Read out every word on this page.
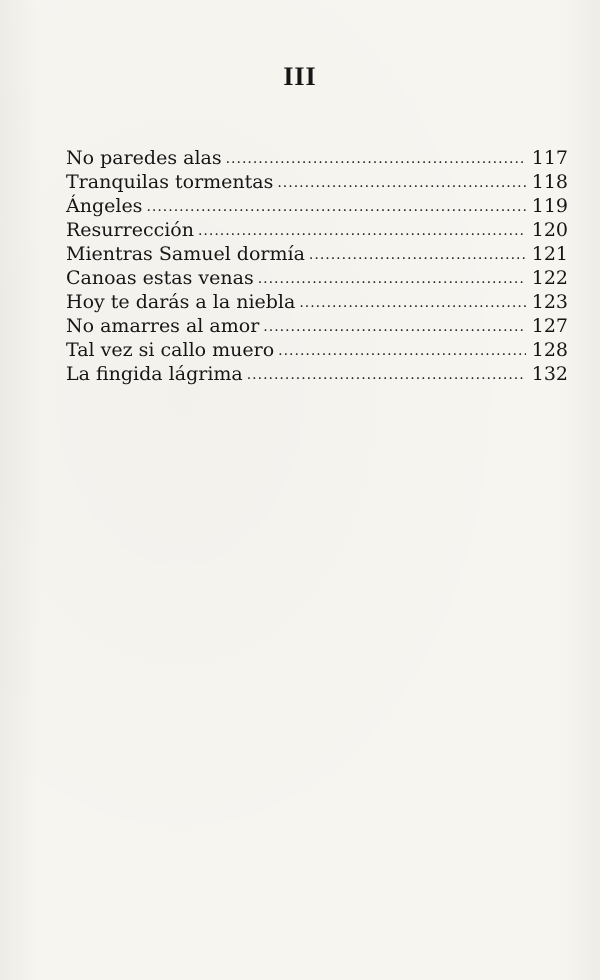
III
No paredes alas .....	117
Tranquilas tormentas .....	118
Ángeles .....	119
Resurrección .....	120
Mientras Samuel dormía .....	121
Canoas estas venas .....	122
Hoy te darás a la niebla .....	123
No amarres al amor .....	127
Tal vez si callo muero .....	128
La fingida lágrima .....	132
